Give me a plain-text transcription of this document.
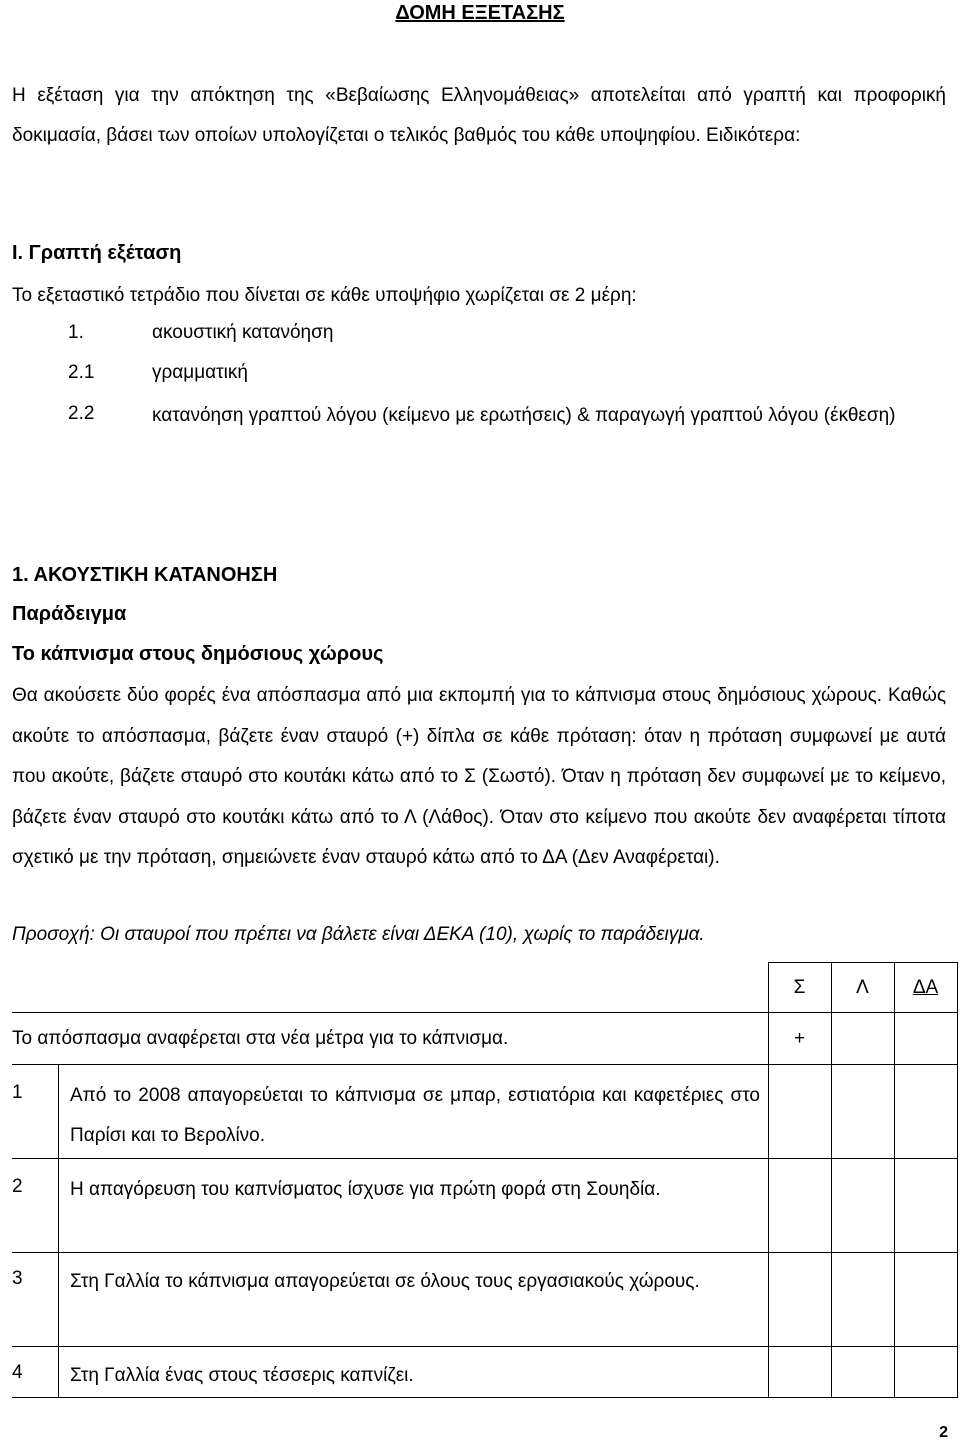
ΔΟΜΗ ΕΞΕΤΑΣΗΣ
Η εξέταση για την απόκτηση της «Βεβαίωσης Ελληνομάθειας» αποτελείται από γραπτή και προφορική δοκιμασία, βάσει των οποίων υπολογίζεται ο τελικός βαθμός του κάθε υποψηφίου. Ειδικότερα:
Ι. Γραπτή εξέταση
Το εξεταστικό τετράδιο που δίνεται σε κάθε υποψήφιο χωρίζεται σε 2 μέρη:
1.	ακουστική κατανόηση
2.1	γραμματική
2.2	κατανόηση γραπτού λόγου (κείμενο με ερωτήσεις) & παραγωγή γραπτού λόγου (έκθεση)
1. ΑΚΟΥΣΤΙΚΗ ΚΑΤΑΝΟΗΣΗ
Παράδειγμα
Το κάπνισμα στους δημόσιους χώρους
Θα ακούσετε δύο φορές ένα απόσπασμα από μια εκπομπή για το κάπνισμα στους δημόσιους χώρους. Καθώς ακούτε το απόσπασμα, βάζετε έναν σταυρό (+) δίπλα σε κάθε πρόταση: όταν η πρόταση συμφωνεί με αυτά που ακούτε, βάζετε σταυρό στο κουτάκι κάτω από το Σ (Σωστό). Όταν η πρόταση δεν συμφωνεί με το κείμενο, βάζετε έναν σταυρό στο κουτάκι κάτω από το Λ (Λάθος). Όταν στο κείμενο που ακούτε δεν αναφέρεται τίποτα σχετικό με την πρόταση, σημειώνετε έναν σταυρό κάτω από το ΔΑ (Δεν Αναφέρεται).
Προσοχή: Οι σταυροί που πρέπει να βάλετε είναι ΔΕΚΑ (10), χωρίς το παράδειγμα.
Σ	Λ	ΔΑ
Το απόσπασμα αναφέρεται στα νέα μέτρα για το κάπνισμα.	+
1 Από το 2008 απαγορεύεται το κάπνισμα σε μπαρ, εστιατόρια και καφετέριες στο Παρίσι και το Βερολίνο.
2 Η απαγόρευση του καπνίσματος ίσχυσε για πρώτη φορά στη Σουηδία.
3 Στη Γαλλία το κάπνισμα απαγορεύεται σε όλους τους εργασιακούς χώρους.
4 Στη Γαλλία ένας στους τέσσερις καπνίζει.
2
